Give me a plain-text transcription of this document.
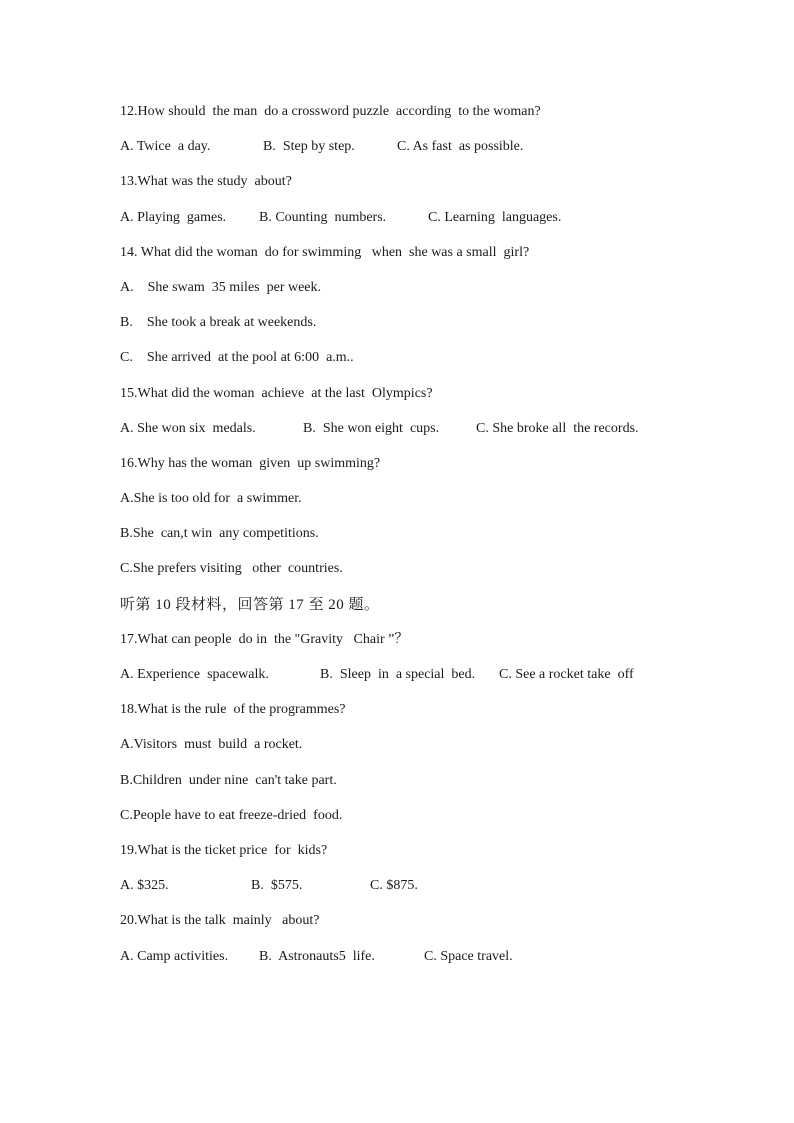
12.How should  the man  do a crossword puzzle  according  to the woman?
A. Twice  a day.	B.  Step by step.	C. As fast  as possible.
13.What was the study  about?
A. Playing  games.	B. Counting  numbers.	C. Learning  languages.
14. What did the woman  do for swimming   when  she was a small  girl?
A.    She swam  35 miles  per week.
B.    She took a break at weekends.
C.    She arrived  at the pool at 6:00  a.m..
15.What did the woman  achieve  at the last  Olympics?
A. She won six  medals.	B.  She won eight  cups.	C. She broke all  the records.
16.Why has the woman  given  up swimming?
A.She is too old for  a swimmer.
B.She  can,t win  any competitions.
C.She prefers visiting   other  countries.
听第 10 段材料，回答第 17 至 20 题。
17.What can people  do in  the "Gravity   Chair ”？
A. Experience  spacewalk.	B.  Sleep  in  a special  bed.	C. See a rocket take  off
18.What is the rule  of the programmes?
A.Visitors  must  build  a rocket.
B.Children  under nine  can't take part.
C.People have to eat freeze-dried  food.
19.What is the ticket price  for  kids?
A. $325.	B.  $575.	C. $875.
20.What is the talk  mainly   about?
A. Camp activities.	B.  Astronauts5  life.	C. Space travel.
